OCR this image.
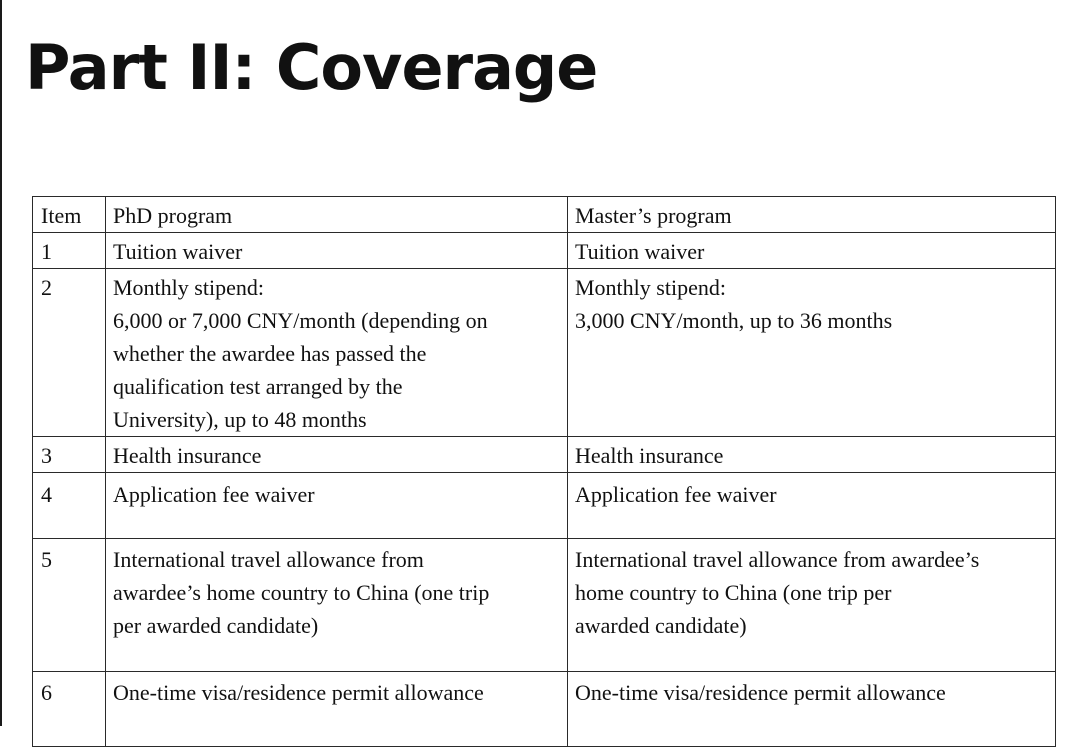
Part II: Coverage
Item	PhD program	Master’s program
1	Tuition waiver	Tuition waiver
2	Monthly stipend:
6,000 or 7,000 CNY/month (depending on
whether the awardee has passed the
qualification test arranged by the
University), up to 48 months	Monthly stipend:
3,000 CNY/month, up to 36 months
3	Health insurance	Health insurance
4	Application fee waiver	Application fee waiver
5	International travel allowance from
awardee’s home country to China (one trip
per awarded candidate)	International travel allowance from awardee’s
home country to China (one trip per
awarded candidate)
6	One-time visa/residence permit allowance	One-time visa/residence permit allowance
